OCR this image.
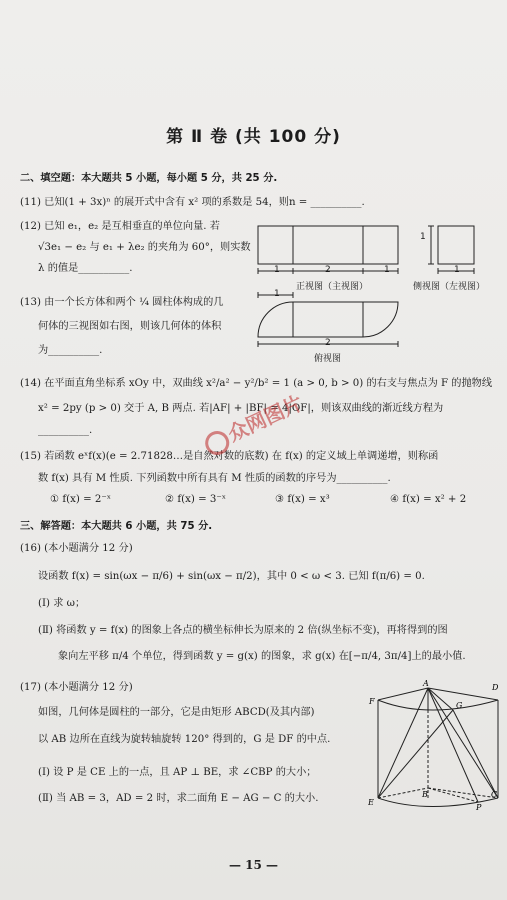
第 Ⅱ 卷 (共 100 分)
二、填空题：本大题共 5 小题，每小题 5 分，共 25 分.
(11) 已知(1 + 3x)ⁿ 的展开式中含有 x² 项的系数是 54，则n = __________.
(12) 已知 e₁，e₂ 是互相垂直的单位向量. 若
√3e₁ − e₂ 与 e₁ + λe₂ 的夹角为 60°，则实数
λ 的值是__________.
(13) 由一个长方体和两个 ¼ 圆柱体构成的几
何体的三视图如右图，则该几何体的体积
为__________.
1	2	1
1
1
正视图（主视图）	侧视图（左视图）
1
2
俯视图
(14) 在平面直角坐标系 xOy 中，双曲线 x²/a² − y²/b² = 1 (a > 0, b > 0) 的右支与焦点为 F 的抛物线
x² = 2py (p > 0) 交于 A, B 两点. 若|AF| + |BF| = 4|OF|，则该双曲线的渐近线方程为
__________.
(15) 若函数 eˣf(x)(e = 2.71828…是自然对数的底数) 在 f(x) 的定义域上单调递增，则称函
数 f(x) 具有 M 性质. 下列函数中所有具有 M 性质的函数的序号为__________.
① f(x) = 2⁻ˣ	② f(x) = 3⁻ˣ	③ f(x) = x³	④ f(x) = x² + 2
三、解答题：本大题共 6 小题，共 75 分.
(16) (本小题满分 12 分)
设函数 f(x) = sin(ωx − π/6) + sin(ωx − π/2)，其中 0 < ω < 3. 已知 f(π/6) = 0.
(Ⅰ) 求 ω；
(Ⅱ) 将函数 y = f(x) 的图象上各点的横坐标伸长为原来的 2 倍(纵坐标不变)，再将得到的图
象向左平移 π/4 个单位，得到函数 y = g(x) 的图象，求 g(x) 在[−π/4, 3π/4]上的最小值.
(17) (本小题满分 12 分)
如图，几何体是圆柱的一部分，它是由矩形 ABCD(及其内部)
以 AB 边所在直线为旋转轴旋转 120° 得到的，G 是 DF 的中点.
(Ⅰ) 设 P 是 CE 上的一点，且 AP ⊥ BE，求 ∠CBP 的大小；
(Ⅱ) 当 AB = 3，AD = 2 时，求二面角 E − AG − C 的大小.
A	D
F	G
B	C
E
P
众网图片
— 15 —
